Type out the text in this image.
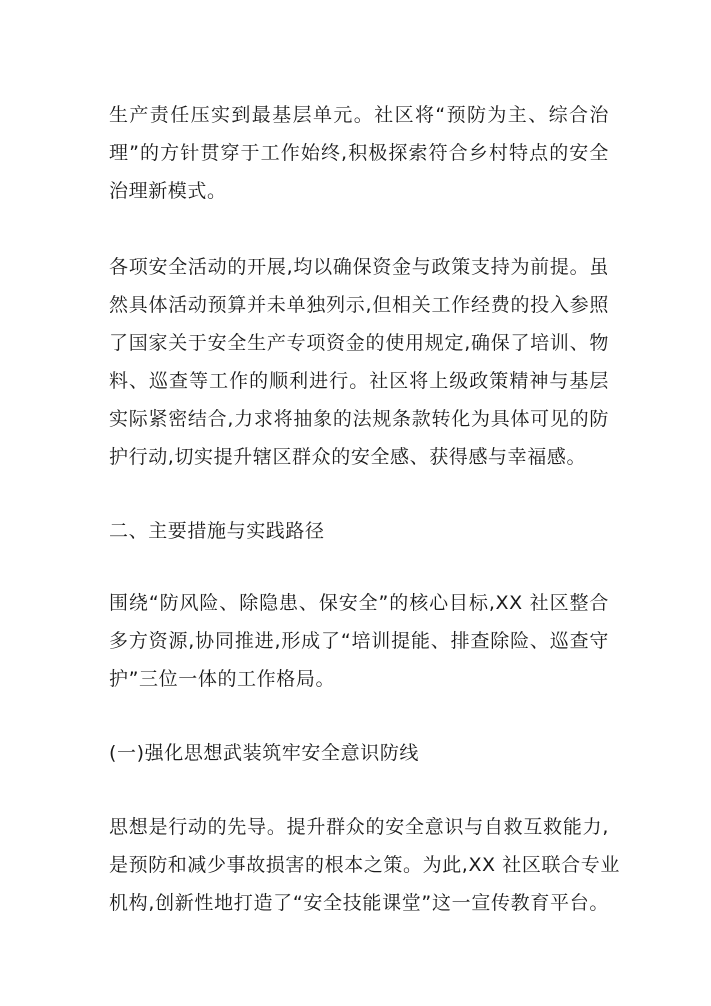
生产责任压实到最基层单元。社区将“预防为主、综合治
理”的方针贯穿于工作始终,积极探索符合乡村特点的安全
治理新模式。
各项安全活动的开展,均以确保资金与政策支持为前提。虽
然具体活动预算并未单独列示,但相关工作经费的投入参照
了国家关于安全生产专项资金的使用规定,确保了培训、物
料、巡查等工作的顺利进行。社区将上级政策精神与基层
实际紧密结合,力求将抽象的法规条款转化为具体可见的防
护行动,切实提升辖区群众的安全感、获得感与幸福感。
二、主要措施与实践路径
围绕“防风险、除隐患、保安全”的核心目标,XX 社区整合
多方资源,协同推进,形成了“培训提能、排查除险、巡查守
护”三位一体的工作格局。
(一)强化思想武装筑牢安全意识防线
思想是行动的先导。提升群众的安全意识与自救互救能力,
是预防和减少事故损害的根本之策。为此,XX 社区联合专业
机构,创新性地打造了“安全技能课堂”这一宣传教育平台。
